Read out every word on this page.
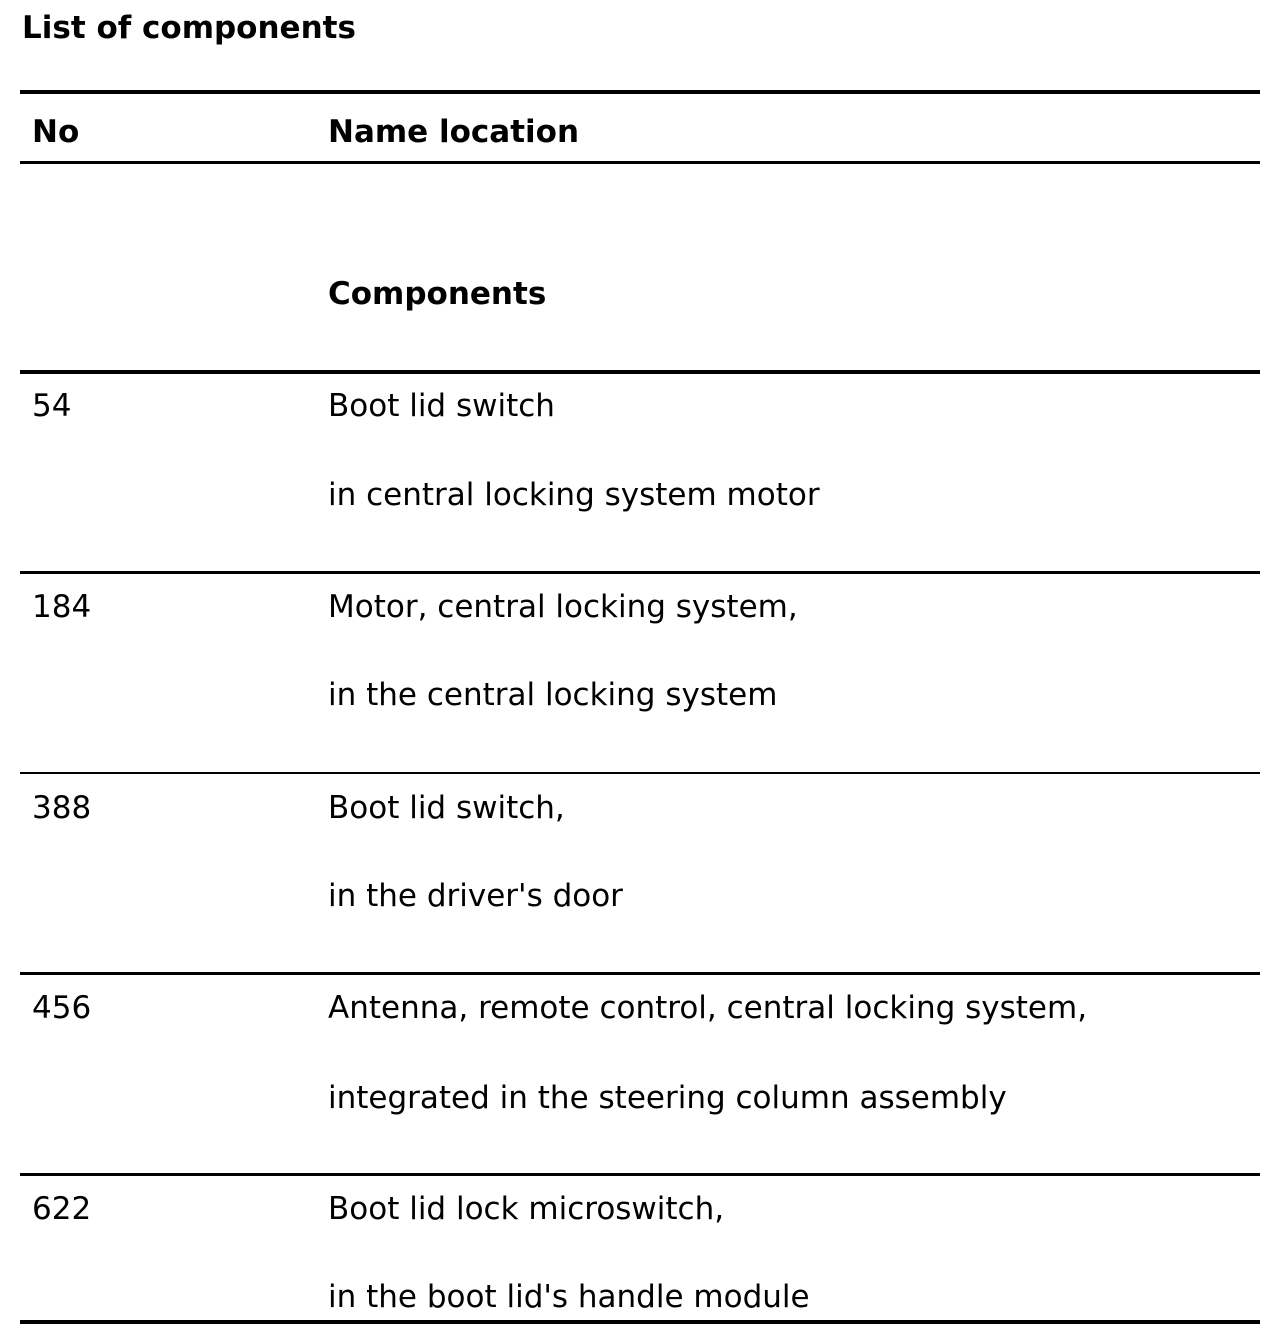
List of components
No	Name location
Components
54	Boot lid switch
in central locking system motor
184	Motor, central locking system,
in the central locking system
388	Boot lid switch,
in the driver's door
456	Antenna, remote control, central locking system,
integrated in the steering column assembly
622	Boot lid lock microswitch,
in the boot lid's handle module
